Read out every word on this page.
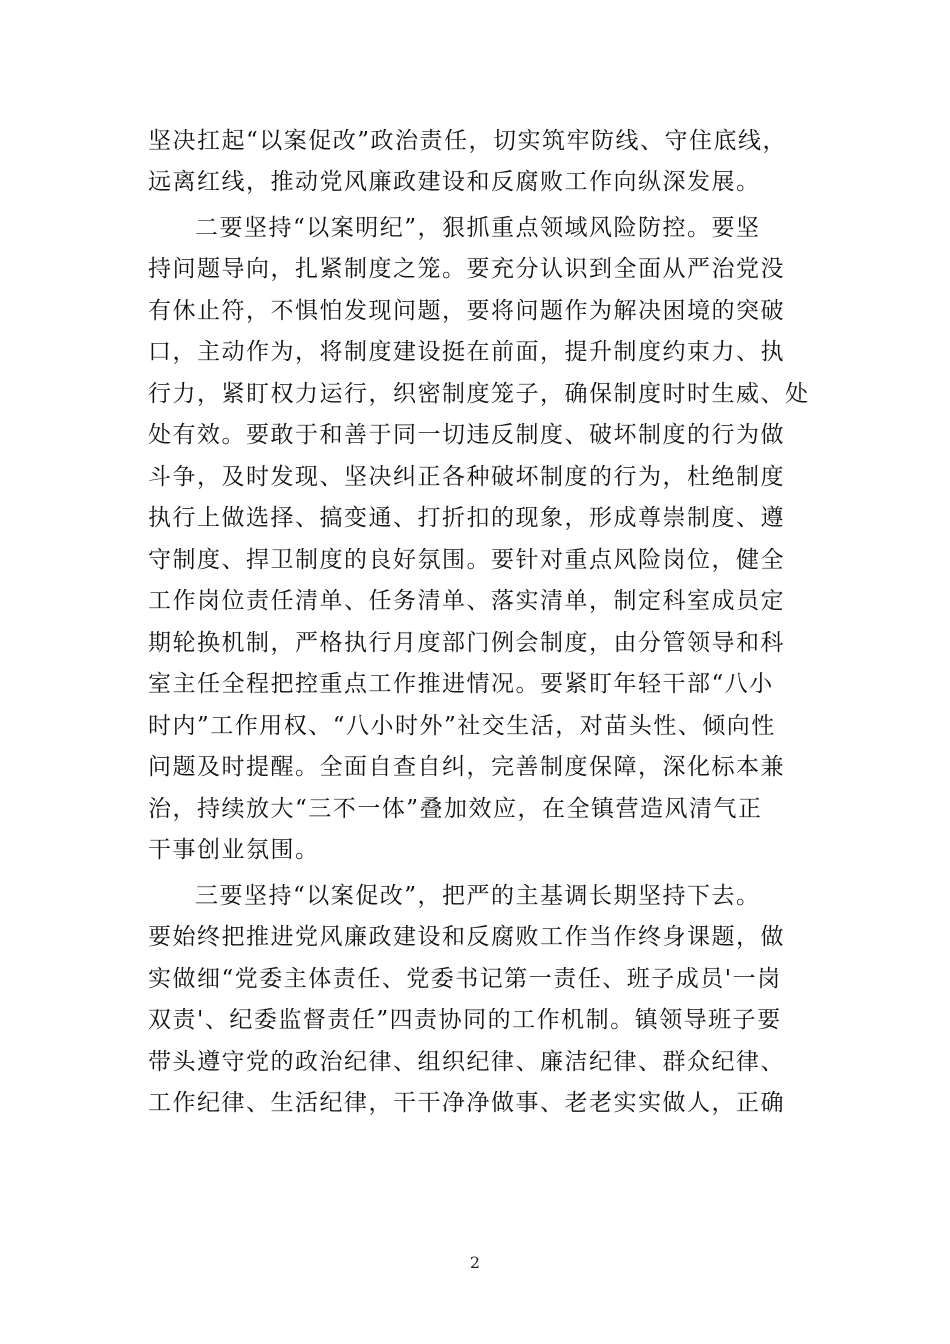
坚决扛起“以案促改”政治责任，切实筑牢防线、守住底线，
远离红线，推动党风廉政建设和反腐败工作向纵深发展。
二要坚持“以案明纪”，狠抓重点领域风险防控。要坚
持问题导向，扎紧制度之笼。要充分认识到全面从严治党没
有休止符，不惧怕发现问题，要将问题作为解决困境的突破
口，主动作为，将制度建设挺在前面，提升制度约束力、执
行力，紧盯权力运行，织密制度笼子，确保制度时时生威、处
处有效。要敢于和善于同一切违反制度、破坏制度的行为做
斗争，及时发现、坚决纠正各种破坏制度的行为，杜绝制度
执行上做选择、搞变通、打折扣的现象，形成尊崇制度、遵
守制度、捍卫制度的良好氛围。要针对重点风险岗位，健全
工作岗位责任清单、任务清单、落实清单，制定科室成员定
期轮换机制，严格执行月度部门例会制度，由分管领导和科
室主任全程把控重点工作推进情况。要紧盯年轻干部“八小
时内”工作用权、“八小时外”社交生活，对苗头性、倾向性
问题及时提醒。全面自查自纠，完善制度保障，深化标本兼
治，持续放大“三不一体”叠加效应，在全镇营造风清气正
干事创业氛围。
三要坚持“以案促改”，把严的主基调长期坚持下去。
要始终把推进党风廉政建设和反腐败工作当作终身课题，做
实做细“党委主体责任、党委书记第一责任、班子成员'一岗
双责'、纪委监督责任”四责协同的工作机制。镇领导班子要
带头遵守党的政治纪律、组织纪律、廉洁纪律、群众纪律、
工作纪律、生活纪律，干干净净做事、老老实实做人，正确
2
